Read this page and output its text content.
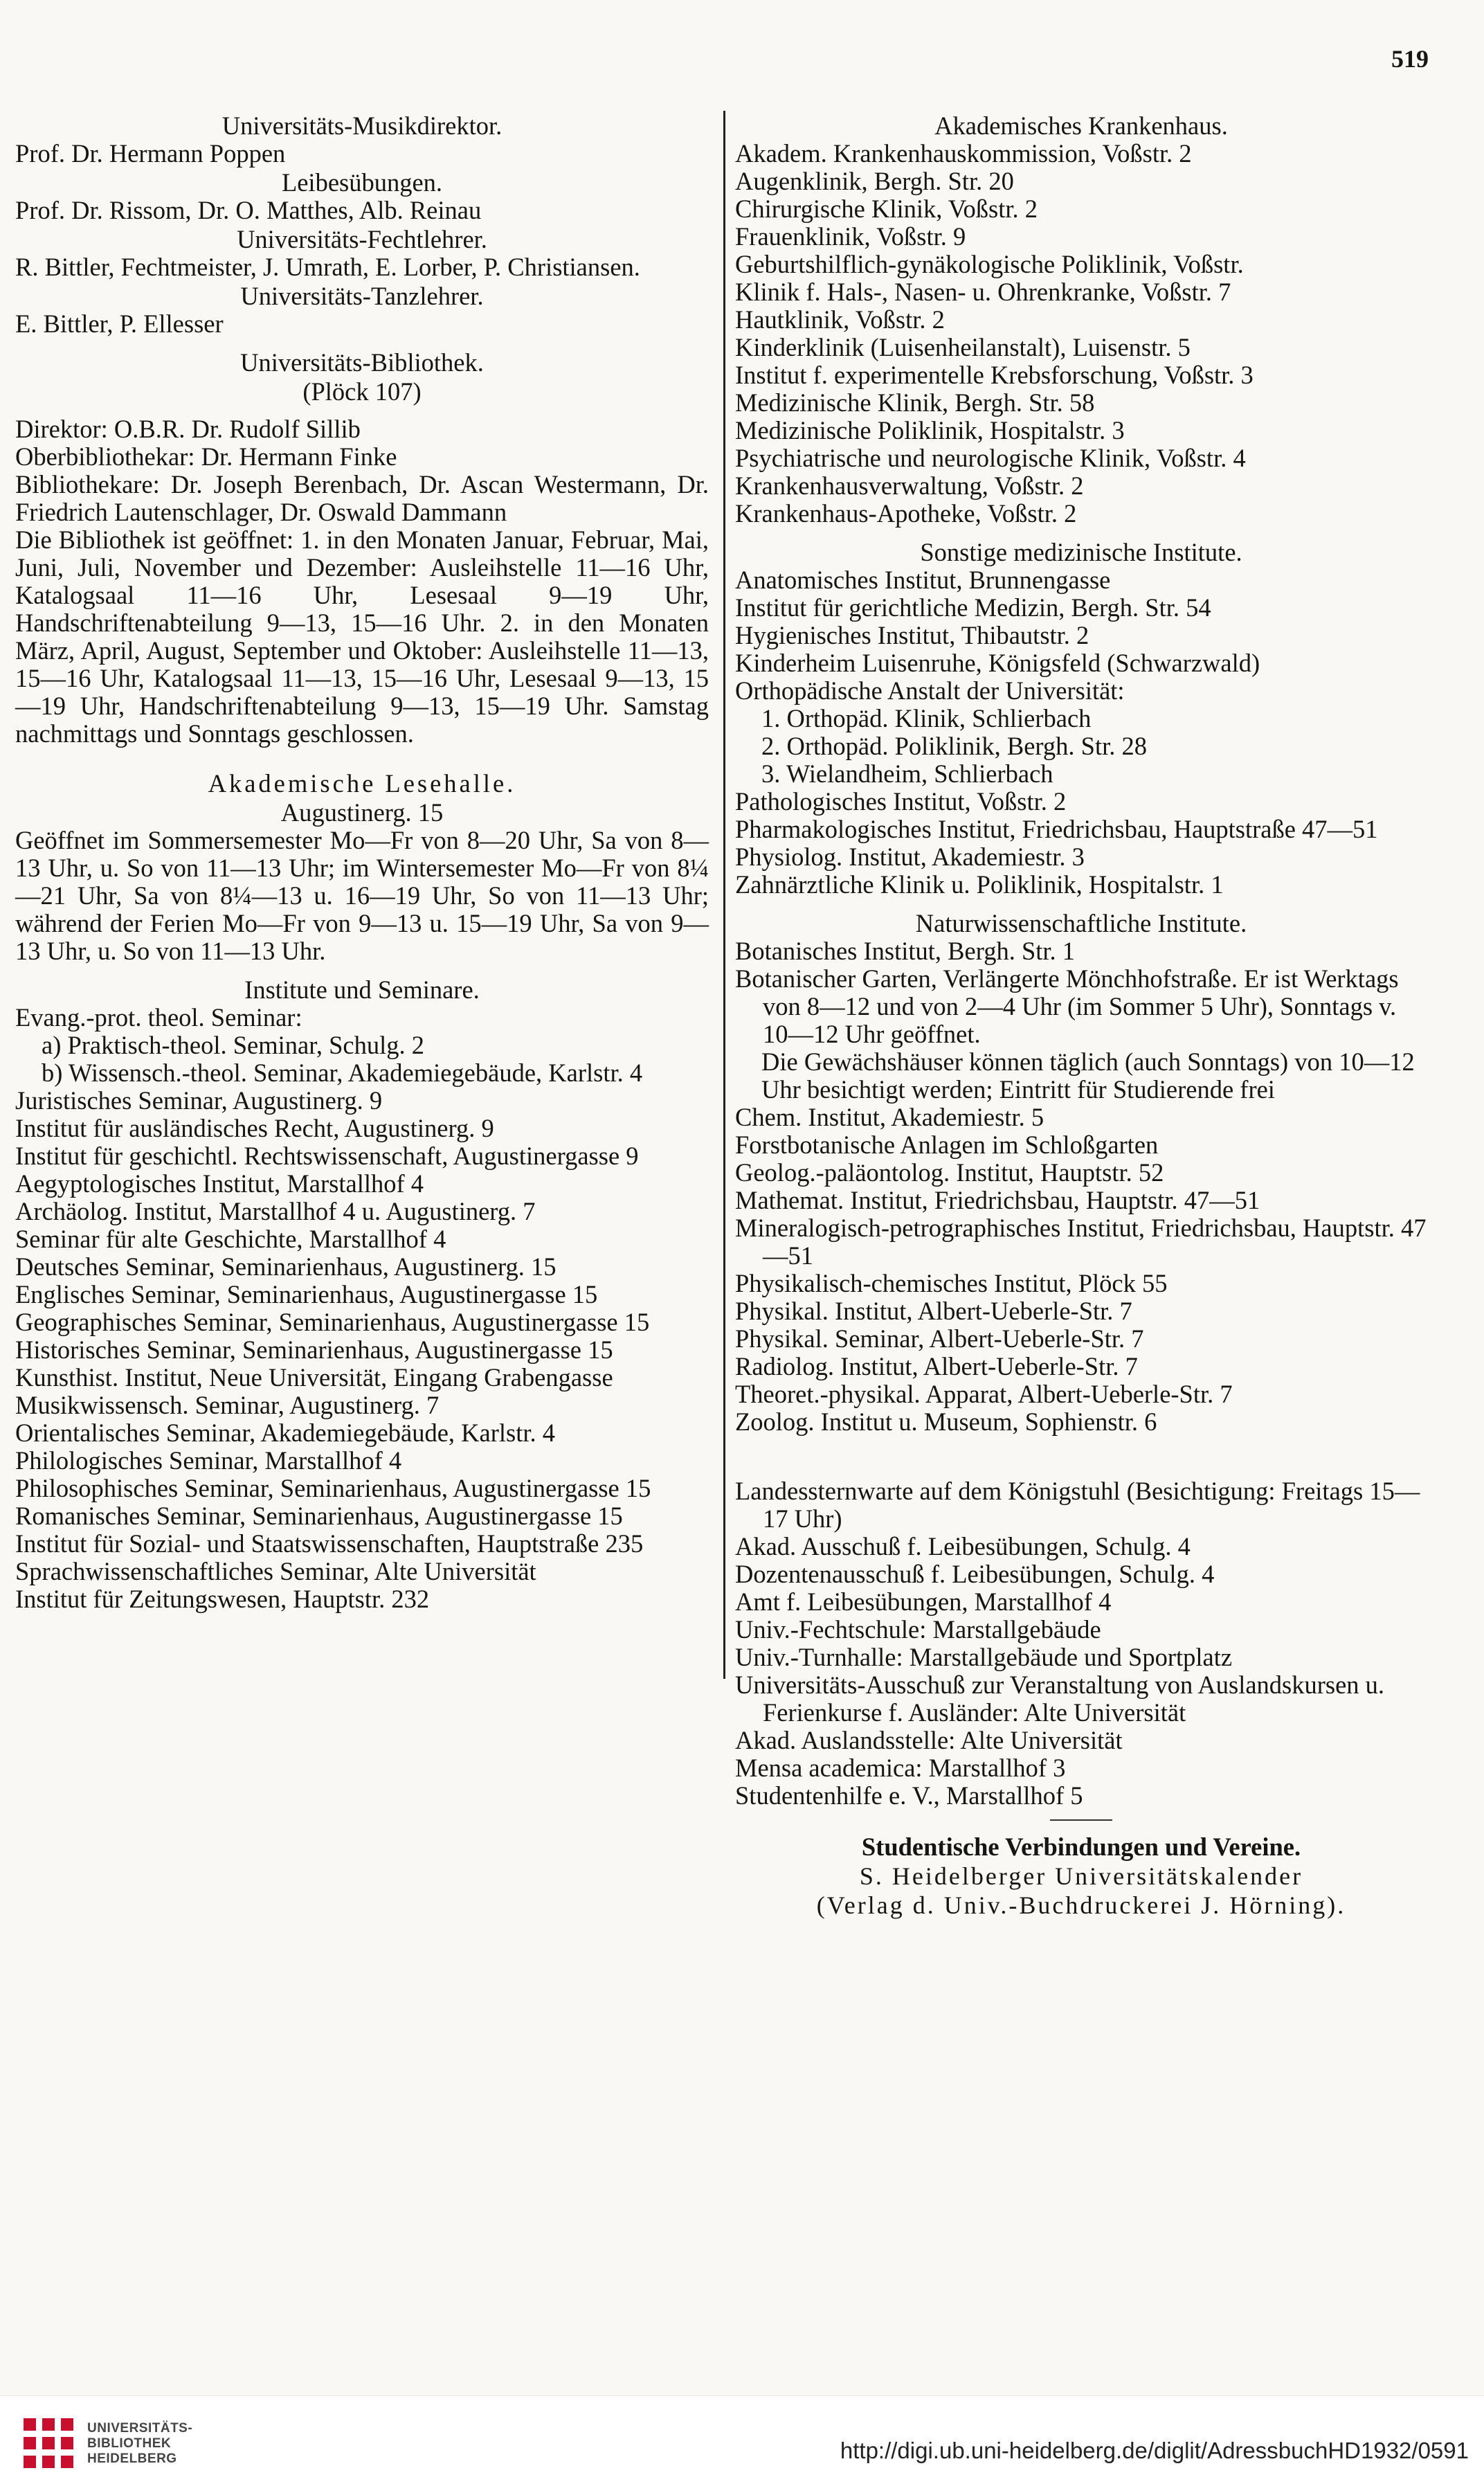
519

Universitäts-Musikdirektor.

Prof. Dr. Hermann Poppen

Leibesübungen.

Prof. Dr. Rissom, Dr. O. Matthes, Alb. Reinau

Universitäts-Fechtlehrer.

R. Bittler, Fechtmeister, J. Umrath, E. Lorber, P. Christiansen.

Universitäts-Tanzlehrer.

E. Bittler, P. Ellesser

Universitäts-Bibliothek.

(Plöck 107)

Direktor: O.B.R. Dr. Rudolf Sillib

Oberbibliothekar: Dr. Hermann Finke

Bibliothekare: Dr. Joseph Berenbach, Dr. Ascan Westermann, Dr. Friedrich Lautenschlager, Dr. Oswald Dammann

Die Bibliothek ist geöffnet: 1. in den Monaten Januar, Februar, Mai, Juni, Juli, November und Dezember: Ausleihstelle 11—16 Uhr, Katalogsaal 11—16 Uhr, Lesesaal 9—19 Uhr, Handschriftenabteilung 9—13, 15—16 Uhr. 2. in den Monaten März, April, August, September und Oktober: Ausleihstelle 11—13, 15—16 Uhr, Katalogsaal 11—13, 15—16 Uhr, Lesesaal 9—13, 15—19 Uhr, Handschriftenabteilung 9—13, 15—19 Uhr. Samstag nachmittags und Sonntags geschlossen.

Akademische Lesehalle.

Augustinerg. 15

Geöffnet im Sommersemester Mo—Fr von 8—20 Uhr, Sa von 8—13 Uhr, u. So von 11—13 Uhr; im Wintersemester Mo—Fr von 8¼—21 Uhr, Sa von 8¼—13 u. 16—19 Uhr, So von 11—13 Uhr; während der Ferien Mo—Fr von 9—13 u. 15—19 Uhr, Sa von 9—13 Uhr, u. So von 11—13 Uhr.

Institute und Seminare.

Evang.-prot. theol. Seminar:

a) Praktisch-theol. Seminar, Schulg. 2

b) Wissensch.-theol. Seminar, Akademiegebäude, Karlstr. 4

Juristisches Seminar, Augustinerg. 9

Institut für ausländisches Recht, Augustinerg. 9

Institut für geschichtl. Rechtswissenschaft, Augustinergasse 9

Aegyptologisches Institut, Marstallhof 4

Archäolog. Institut, Marstallhof 4 u. Augustinerg. 7

Seminar für alte Geschichte, Marstallhof 4

Deutsches Seminar, Seminarienhaus, Augustinerg. 15

Englisches Seminar, Seminarienhaus, Augustinergasse 15

Geographisches Seminar, Seminarienhaus, Augustinergasse 15

Historisches Seminar, Seminarienhaus, Augustinergasse 15

Kunsthist. Institut, Neue Universität, Eingang Grabengasse

Musikwissensch. Seminar, Augustinerg. 7

Orientalisches Seminar, Akademiegebäude, Karlstr. 4

Philologisches Seminar, Marstallhof 4

Philosophisches Seminar, Seminarienhaus, Augustinergasse 15

Romanisches Seminar, Seminarienhaus, Augustinergasse 15

Institut für Sozial- und Staatswissenschaften, Hauptstraße 235

Sprachwissenschaftliches Seminar, Alte Universität

Institut für Zeitungswesen, Hauptstr. 232

Akademisches Krankenhaus.

Akadem. Krankenhauskommission, Voßstr. 2

Augenklinik, Bergh. Str. 20

Chirurgische Klinik, Voßstr. 2

Frauenklinik, Voßstr. 9

Geburtshilflich-gynäkologische Poliklinik, Voßstr.

Klinik f. Hals-, Nasen- u. Ohrenkranke, Voßstr. 7

Hautklinik, Voßstr. 2

Kinderklinik (Luisenheilanstalt), Luisenstr. 5

Institut f. experimentelle Krebsforschung, Voßstr. 3

Medizinische Klinik, Bergh. Str. 58

Medizinische Poliklinik, Hospitalstr. 3

Psychiatrische und neurologische Klinik, Voßstr. 4

Krankenhausverwaltung, Voßstr. 2

Krankenhaus-Apotheke, Voßstr. 2

Sonstige medizinische Institute.

Anatomisches Institut, Brunnengasse

Institut für gerichtliche Medizin, Bergh. Str. 54

Hygienisches Institut, Thibautstr. 2

Kinderheim Luisenruhe, Königsfeld (Schwarzwald)

Orthopädische Anstalt der Universität:

1. Orthopäd. Klinik, Schlierbach

2. Orthopäd. Poliklinik, Bergh. Str. 28

3. Wielandheim, Schlierbach

Pathologisches Institut, Voßstr. 2

Pharmakologisches Institut, Friedrichsbau, Hauptstraße 47—51

Physiolog. Institut, Akademiestr. 3

Zahnärztliche Klinik u. Poliklinik, Hospitalstr. 1

Naturwissenschaftliche Institute.

Botanisches Institut, Bergh. Str. 1

Botanischer Garten, Verlängerte Mönchhofstraße. Er ist Werktags von 8—12 und von 2—4 Uhr (im Sommer 5 Uhr), Sonntags v. 10—12 Uhr geöffnet.

Die Gewächshäuser können täglich (auch Sonntags) von 10—12 Uhr besichtigt werden; Eintritt für Studierende frei

Chem. Institut, Akademiestr. 5

Forstbotanische Anlagen im Schloßgarten

Geolog.-paläontolog. Institut, Hauptstr. 52

Mathemat. Institut, Friedrichsbau, Hauptstr. 47—51

Mineralogisch-petrographisches Institut, Friedrichsbau, Hauptstr. 47—51

Physikalisch-chemisches Institut, Plöck 55

Physikal. Institut, Albert-Ueberle-Str. 7

Physikal. Seminar, Albert-Ueberle-Str. 7

Radiolog. Institut, Albert-Ueberle-Str. 7

Theoret.-physikal. Apparat, Albert-Ueberle-Str. 7

Zoolog. Institut u. Museum, Sophienstr. 6

Landessternwarte auf dem Königstuhl (Besichtigung: Freitags 15—17 Uhr)

Akad. Ausschuß f. Leibesübungen, Schulg. 4

Dozentenausschuß f. Leibesübungen, Schulg. 4

Amt f. Leibesübungen, Marstallhof 4

Univ.-Fechtschule: Marstallgebäude

Univ.-Turnhalle: Marstallgebäude und Sportplatz

Universitäts-Ausschuß zur Veranstaltung von Auslandskursen u. Ferienkurse f. Ausländer: Alte Universität

Akad. Auslandsstelle: Alte Universität

Mensa academica: Marstallhof 3

Studentenhilfe e. V., Marstallhof 5

Studentische Verbindungen und Vereine.

S. Heidelberger Universitätskalender

(Verlag d. Univ.-Buchdruckerei J. Hörning).

UNIVERSITÄTS-
BIBLIOTHEK
HEIDELBERG	http://digi.ub.uni-heidelberg.de/diglit/AdressbuchHD1932/0591
